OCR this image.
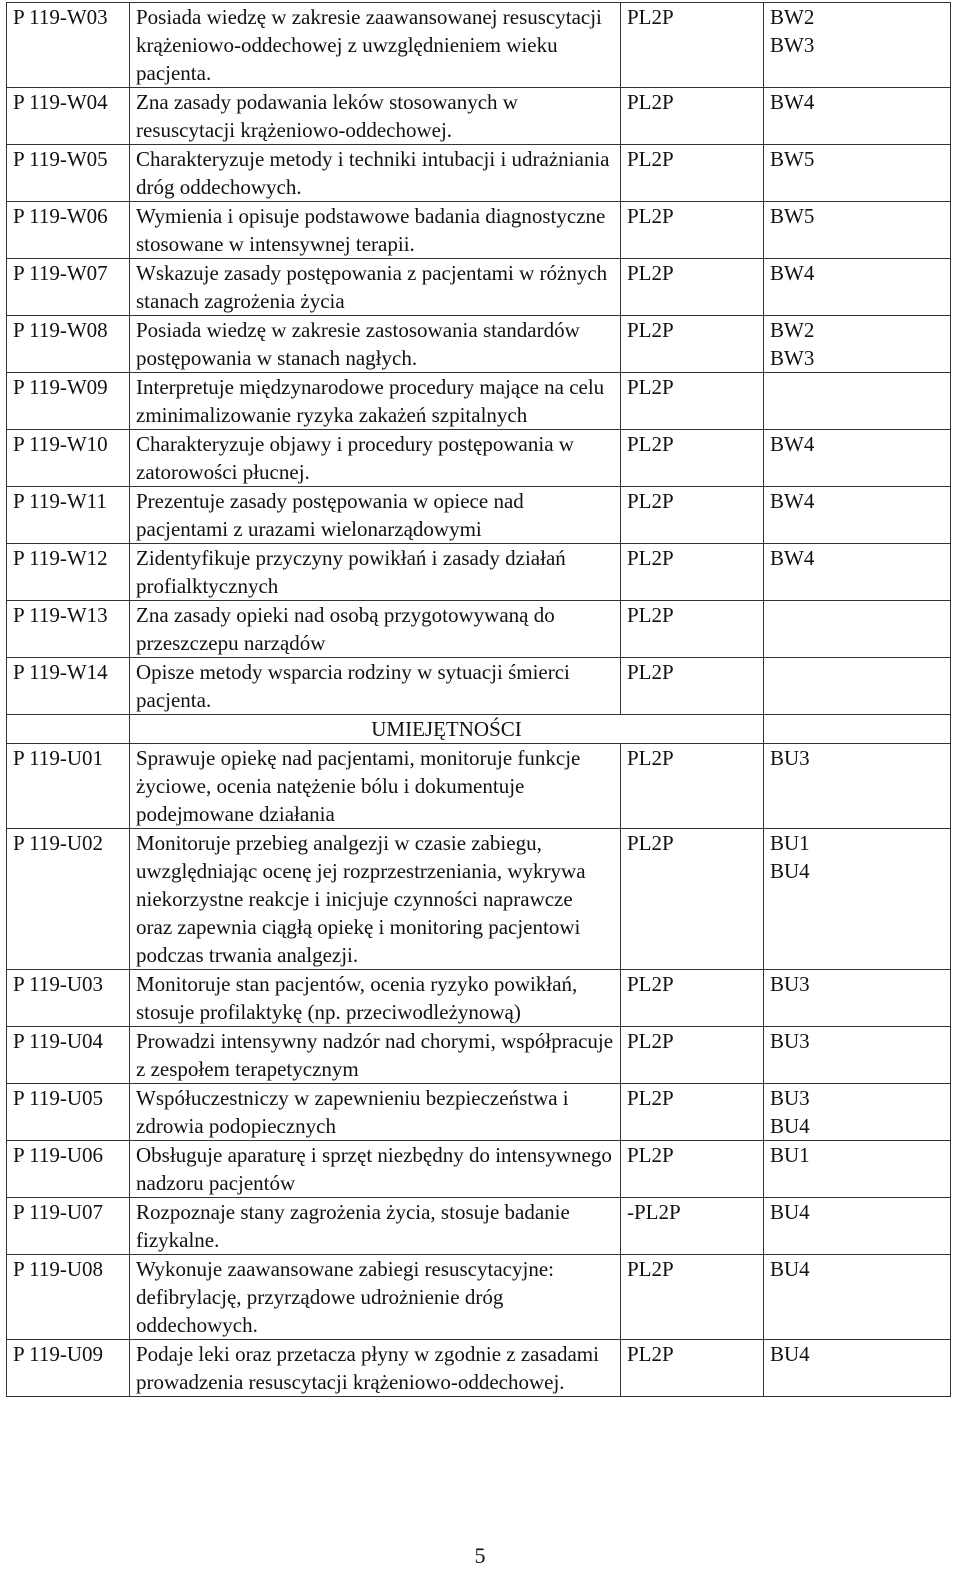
P 119-W03	Posiada wiedzę w zakresie zaawansowanej resuscytacji krążeniowo-oddechowej z uwzględnieniem wieku pacjenta.	PL2P	BW2
BW3

P 119-W04	Zna zasady podawania leków stosowanych w resuscytacji krążeniowo-oddechowej.	PL2P	BW4

P 119-W05	Charakteryzuje metody i techniki intubacji i udrażniania dróg oddechowych.	PL2P	BW5

P 119-W06	Wymienia i opisuje podstawowe badania diagnostyczne stosowane w intensywnej terapii.	PL2P	BW5

P 119-W07	Wskazuje zasady postępowania z pacjentami w różnych stanach zagrożenia życia	PL2P	BW4

P 119-W08	Posiada wiedzę w zakresie zastosowania standardów postępowania w stanach nagłych.	PL2P	BW2
BW3

P 119-W09	Interpretuje międzynarodowe procedury mające na celu zminimalizowanie ryzyka zakażeń szpitalnych	PL2P	
P 119-W10	Charakteryzuje objawy i procedury postępowania w zatorowości płucnej.	PL2P	BW4

P 119-W11	Prezentuje zasady postępowania w opiece nad pacjentami z urazami wielonarządowymi	PL2P	BW4

P 119-W12	Zidentyfikuje przyczyny powikłań i zasady działań profialktycznych	PL2P	BW4

P 119-W13	Zna zasady opieki nad osobą przygotowywaną do przeszczepu narządów	PL2P	
P 119-W14	Opisze metody wsparcia rodziny w sytuacji śmierci pacjenta.	PL2P	
	UMIEJĘTNOŚCI		
P 119-U01	Sprawuje opiekę nad pacjentami, monitoruje funkcje życiowe, ocenia natężenie bólu i dokumentuje podejmowane działania	PL2P	BU3

P 119-U02	Monitoruje przebieg analgezji w czasie zabiegu, uwzględniając ocenę jej rozprzestrzeniania, wykrywa niekorzystne reakcje i inicjuje czynności naprawcze oraz zapewnia ciągłą opiekę i monitoring pacjentowi podczas trwania analgezji.	PL2P	BU1
BU4

P 119-U03	Monitoruje stan pacjentów, ocenia ryzyko powikłań, stosuje profilaktykę (np. przeciwodleżynową)	PL2P	BU3

P 119-U04	Prowadzi intensywny nadzór nad chorymi, współpracuje z zespołem terapetycznym	PL2P	BU3

P 119-U05	Współuczestniczy w zapewnieniu bezpieczeństwa i zdrowia podopiecznych	PL2P	BU3
BU4

P 119-U06	Obsługuje aparaturę i sprzęt niezbędny do intensywnego nadzoru pacjentów	PL2P	BU1

P 119-U07	Rozpoznaje stany zagrożenia życia, stosuje badanie fizykalne.	-PL2P	BU4

P 119-U08	Wykonuje zaawansowane zabiegi resuscytacyjne: defibrylację, przyrządowe udrożnienie dróg oddechowych.	PL2P	BU4

P 119-U09	Podaje leki oraz przetacza płyny w zgodnie z zasadami prowadzenia resuscytacji krążeniowo-oddechowej.	PL2P	BU4
5
